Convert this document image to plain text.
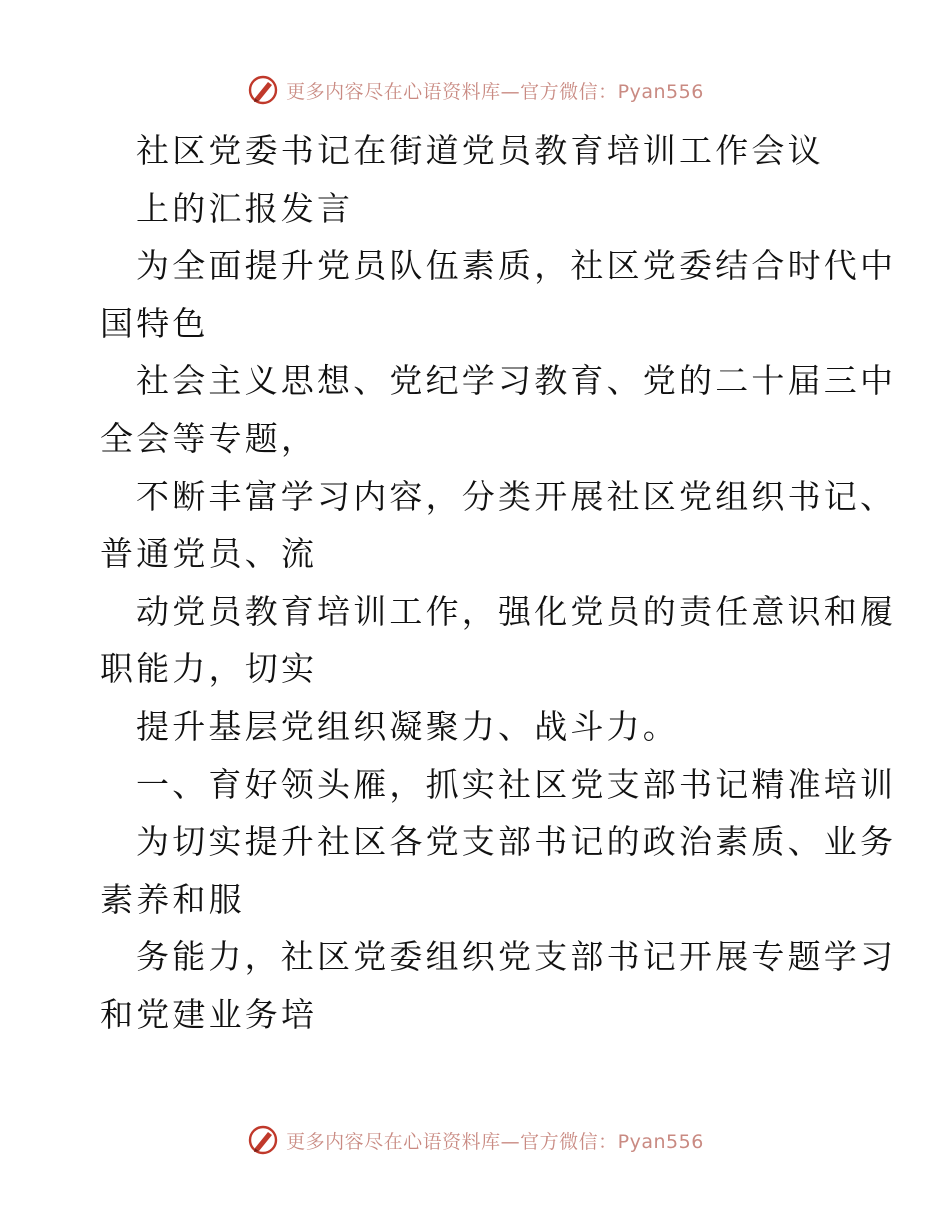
更多内容尽在心语资料库—官方微信：Pyan556
社区党委书记在街道党员教育培训工作会议
上的汇报发言
为全面提升党员队伍素质，社区党委结合时代中
国特色
社会主义思想、党纪学习教育、党的二十届三中
全会等专题，
不断丰富学习内容，分类开展社区党组织书记、
普通党员、流
动党员教育培训工作，强化党员的责任意识和履
职能力，切实
提升基层党组织凝聚力、战斗力。
一、育好领头雁，抓实社区党支部书记精准培训
为切实提升社区各党支部书记的政治素质、业务
素养和服
务能力，社区党委组织党支部书记开展专题学习
和党建业务培
更多内容尽在心语资料库—官方微信：Pyan556
